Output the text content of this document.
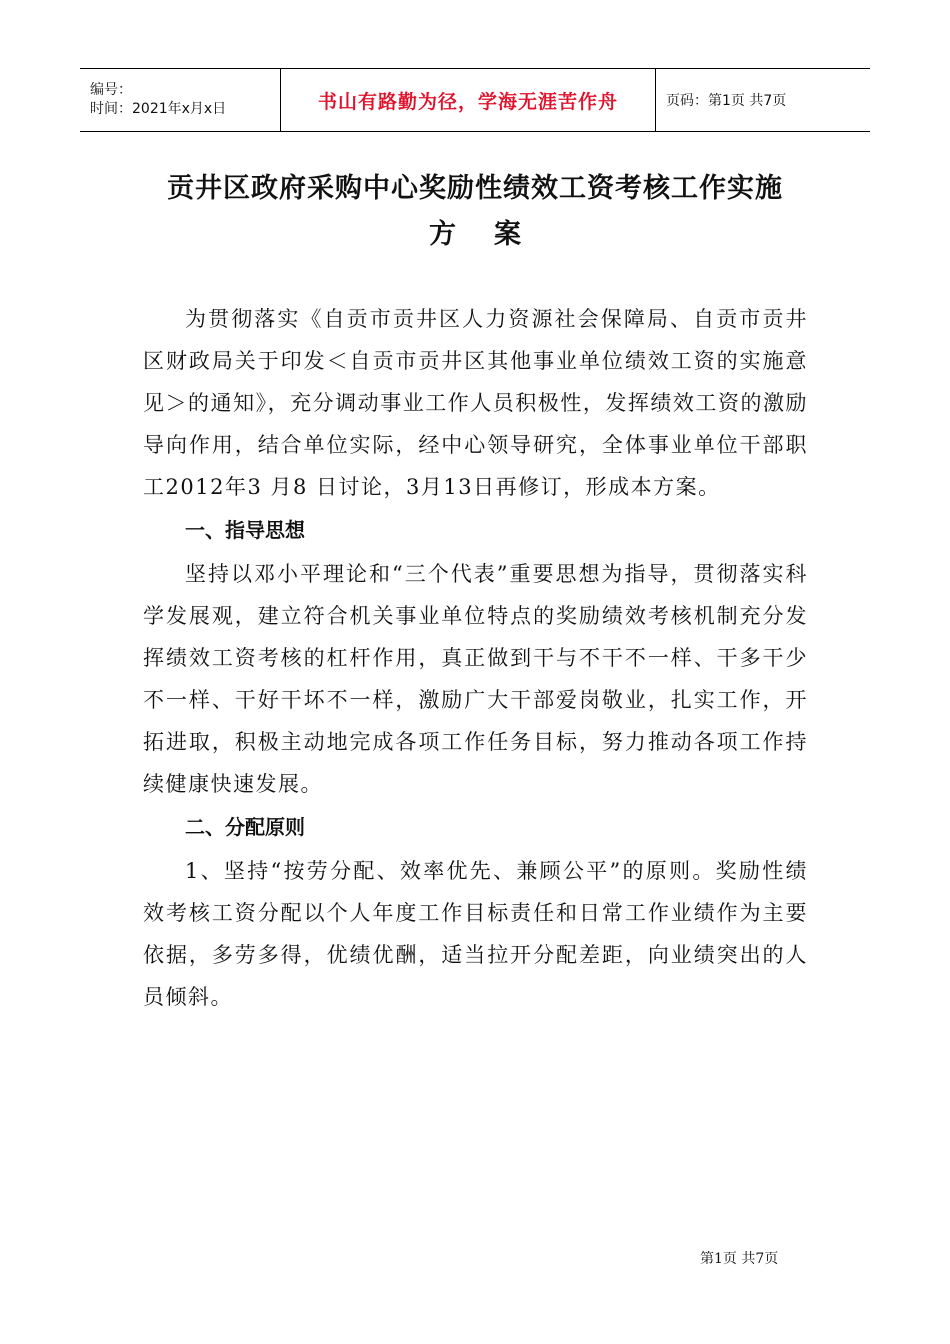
编号：
时间：2021年x月x日	书山有路勤为径，学海无涯苦作舟	页码：第1页 共7页
贡井区政府采购中心奖励性绩效工资考核工作实施
方案

为贯彻落实《自贡市贡井区人力资源社会保障局、自贡市贡井区财政局关于印发＜自贡市贡井区其他事业单位绩效工资的实施意见＞的通知》，充分调动事业工作人员积极性，发挥绩效工资的激励导向作用，结合单位实际，经中心领导研究，全体事业单位干部职工2012年3 月8 日讨论，3月13日再修订，形成本方案。

一、指导思想

坚持以邓小平理论和“三个代表”重要思想为指导，贯彻落实科学发展观，建立符合机关事业单位特点的奖励绩效考核机制充分发挥绩效工资考核的杠杆作用，真正做到干与不干不一样、干多干少不一样、干好干坏不一样，激励广大干部爱岗敬业，扎实工作，开拓进取，积极主动地完成各项工作任务目标，努力推动各项工作持续健康快速发展。

二、分配原则

1、坚持“按劳分配、效率优先、兼顾公平”的原则。奖励性绩效考核工资分配以个人年度工作目标责任和日常工作业绩作为主要依据，多劳多得，优绩优酬，适当拉开分配差距，向业绩突出的人员倾斜。

第1页 共7页
